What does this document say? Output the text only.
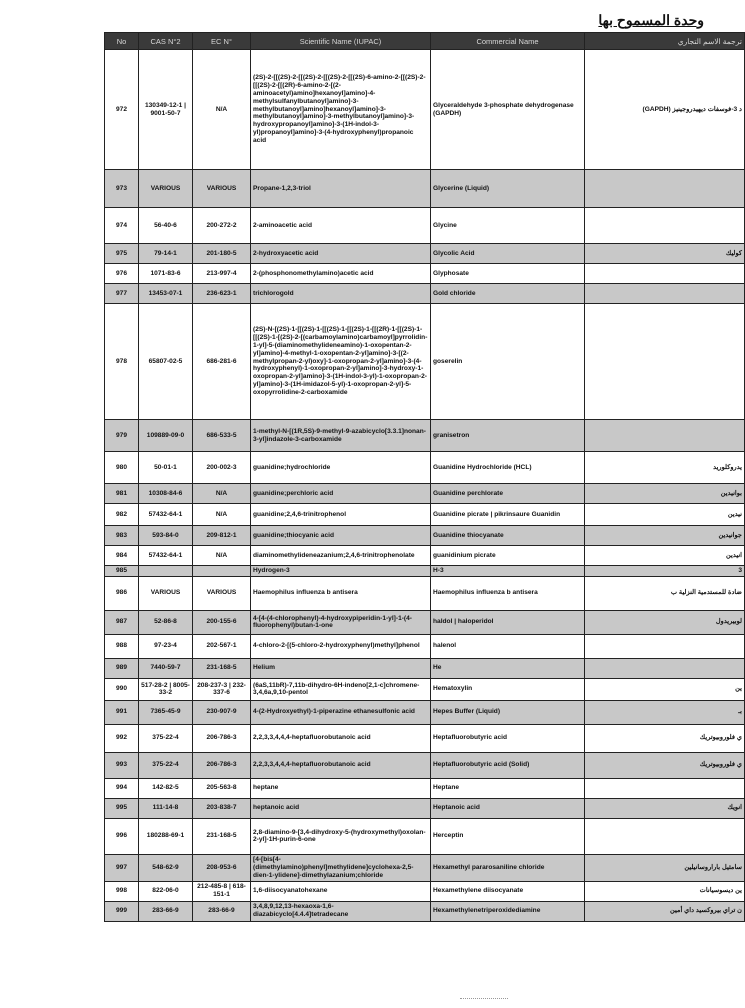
وحدة المسموح بها
No	CAS N°2	EC N°	Scientific Name (IUPAC)	Commercial Name	ترجمة الاسم التجاري
972	130349-12-1 | 9001-50-7	N/A	(2S)-2-[[(2S)-2-[[(2S)-2-[[(2S)-2-[[(2S)-6-amino-2-[[(2S)-2-[[(2S)-2-[[(2R)-6-amino-2-[(2-aminoacetyl)amino]hexanoyl]amino]-4-methylsulfanylbutanoyl]amino]-3-methylbutanoyl]amino]hexanoyl]amino]-3-methylbutanoyl]amino]-3-methylbutanoyl]amino]-3-hydroxypropanoyl]amino]-3-(1H-indol-3-yl)propanoyl]amino]-3-(4-hydroxyphenyl)propanoic acid	Glyceraldehyde 3-phosphate dehydrogenase (GAPDH)	د 3-فوسفات ديهيدروجينيز (GAPDH)
973	VARIOUS	VARIOUS	Propane-1,2,3-triol	Glycerine (Liquid)	
974	56-40-6	200-272-2	2-aminoacetic acid	Glycine	
975	79-14-1	201-180-5	2-hydroxyacetic acid	Glycolic Acid	كوليك
976	1071-83-6	213-997-4	2-(phosphonomethylamino)acetic acid	Glyphosate	
977	13453-07-1	236-623-1	trichlorogold	Gold chloride	
978	65807-02-5	686-281-6	(2S)-N-[(2S)-1-[[(2S)-1-[[(2S)-1-[[(2S)-1-[[(2R)-1-[[(2S)-1-[[(2S)-1-[(2S)-2-[(carbamoylamino)carbamoyl]pyrrolidin-1-yl]-5-(diaminomethylideneamino)-1-oxopentan-2-yl]amino]-4-methyl-1-oxopentan-2-yl]amino]-3-[(2-methylpropan-2-yl)oxy]-1-oxopropan-2-yl]amino]-3-(4-hydroxyphenyl)-1-oxopropan-2-yl]amino]-3-hydroxy-1-oxopropan-2-yl]amino]-3-(1H-indol-3-yl)-1-oxopropan-2-yl]amino]-3-(1H-imidazol-5-yl)-1-oxopropan-2-yl]-5-oxopyrrolidine-2-carboxamide	goserelin	
979	109889-09-0	686-533-5	1-methyl-N-[(1R,5S)-9-methyl-9-azabicyclo[3.3.1]nonan-3-yl]indazole-3-carboxamide	granisetron	
980	50-01-1	200-002-3	guanidine;hydrochloride	Guanidine Hydrochloride (HCL)	يدروكلوريد
981	10308-84-6	N/A	guanidine;perchloric acid	Guanidine perchlorate	بوانيدين
982	57432-64-1	N/A	guanidine;2,4,6-trinitrophenol	Guanidine picrate | pikrinsaure Guanidin	نيدين
983	593-84-0	209-812-1	guanidine;thiocyanic acid	Guanidine thiocyanate	جوانيدين
984	57432-64-1	N/A	diaminomethylideneazanium;2,4,6-trinitrophenolate	guanidinium picrate	انيدين
985			Hydrogen-3	H-3	3
986	VARIOUS	VARIOUS	Haemophilus influenza b antisera	Haemophilus influenza b antisera	ضادة للمستدمية النزلية ب
987	52-86-8	200-155-6	4-[4-(4-chlorophenyl)-4-hydroxypiperidin-1-yl]-1-(4-fluorophenyl)butan-1-one	haldol | haloperidol	لوبيريدول
988	97-23-4	202-567-1	4-chloro-2-[(5-chloro-2-hydroxyphenyl)methyl]phenol	halenol	
989	7440-59-7	231-168-5	Helium	He	
990	517-28-2 | 8005-33-2	208-237-3 | 232-337-6	(6aS,11bR)-7,11b-dihydro-6H-indeno[2,1-c]chromene-3,4,6a,9,10-pentol	Hematoxylin	ين
991	7365-45-9	230-907-9	4-(2-Hydroxyethyl)-1-piperazine ethanesulfonic acid	Hepes Buffer (Liquid)	بـ
992	375-22-4	206-786-3	2,2,3,3,4,4,4-heptafluorobutanoic acid	Heptafluorobutyric acid	ي فلوروبيوتريك
993	375-22-4	206-786-3	2,2,3,3,4,4,4-heptafluorobutanoic acid	Heptafluorobutyric acid (Solid)	ي فلوروبيوتريك
994	142-82-5	205-563-8	heptane	Heptane	
995	111-14-8	203-838-7	heptanoic acid	Heptanoic acid	انويك
996	180288-69-1	231-168-5	2,8-diamino-9-[3,4-dihydroxy-5-(hydroxymethyl)oxolan-2-yl]-1H-purin-6-one	Herceptin	
997	548-62-9	208-953-6	[4-[bis[4-(dimethylamino)phenyl]methylidene]cyclohexa-2,5-dien-1-ylidene]-dimethylazanium;chloride	Hexamethyl pararosaniline chloride	سامثيل باراروسانيلين
998	822-06-0	212-485-8 | 618-151-1	1,6-diisocyanatohexane	Hexamethylene diisocyanate	ين ديسوسيانات
999	283-66-9	283-66-9	3,4,8,9,12,13-hexaoxa-1,6-diazabicyclo[4.4.4]tetradecane	Hexamethylenetriperoxidediamine	ن تراي بيروكسيد داي أمين
